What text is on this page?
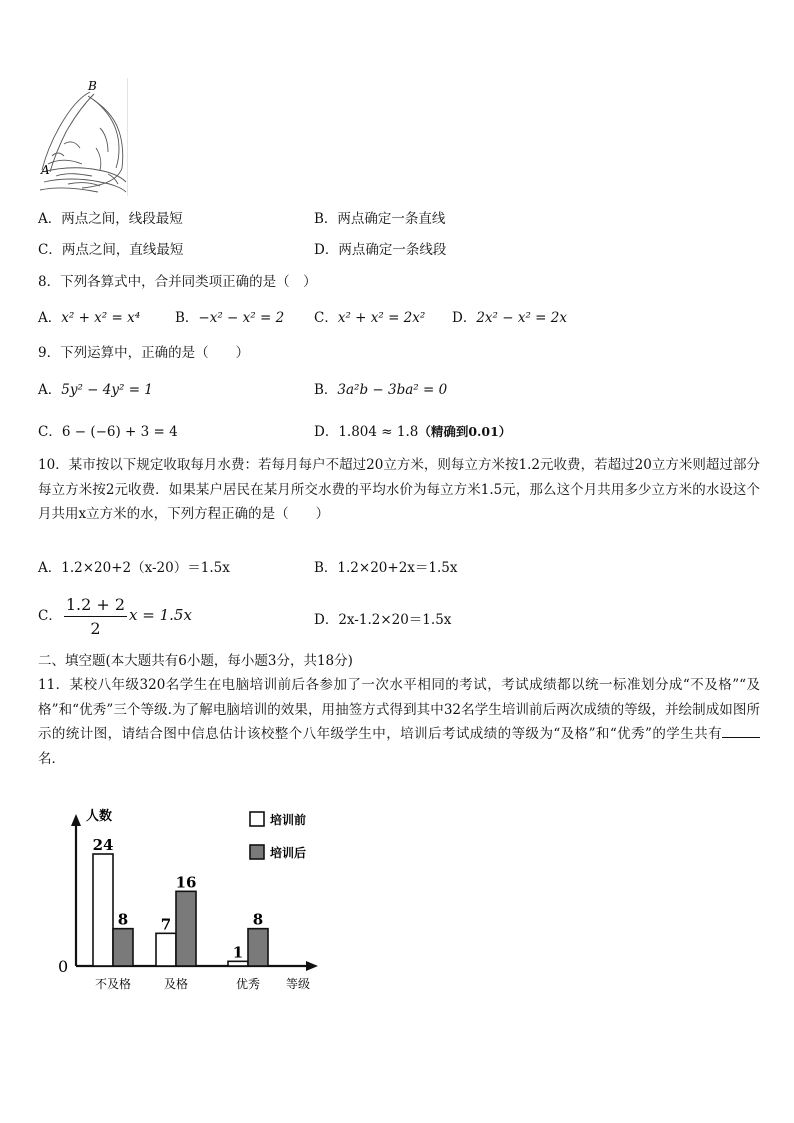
B
A
A．两点之间，线段最短	B．两点确定一条直线
C．两点之间，直线最短	D．两点确定一条线段
8．下列各算式中，合并同类项正确的是（　）
A．x² + x² = x⁴	B．−x² − x² = 2 C．x² + x² = 2x² D．2x² − x² = 2x
9．下列运算中，正确的是（　　）
A．5y² − 4y² = 1	B．3a²b − 3ba² = 0
C．6 − (−6) + 3 = 4	D．1.804 ≈ 1.8（精确到0.01）
10．某市按以下规定收取每月水费：若每月每户不超过20立方米，则每立方米按1.2元收费，若超过20立方米则超过部分每立方米按2元收费．如果某户居民在某月所交水费的平均水价为每立方米1.5元，那么这个月共用多少立方米的水设这个月共用x立方米的水，下列方程正确的是（　　）
A．1.2×20+2（x-20）＝1.5x	B．1.2×20+2x＝1.5x
C． $\frac{1.2 + 2}{2}$ x = 1.5x	D．2x-1.2×20＝1.5x
二、填空题(本大题共有6小题，每小题3分，共18分)
11．某校八年级320名学生在电脑培训前后各参加了一次水平相同的考试，考试成绩都以统一标准划分成“不及格”“及格”和“优秀”三个等级.为了解电脑培训的效果，用抽签方式得到其中32名学生培训前后两次成绩的等级，并绘制成如图所示的统计图，请结合图中信息估计该校整个八年级学生中，培训后考试成绩的等级为“及格”和“优秀”的学生共有名．
人数
等级
0
24
8
不及格
7
16
及格
1
8
优秀
培训前
培训后
